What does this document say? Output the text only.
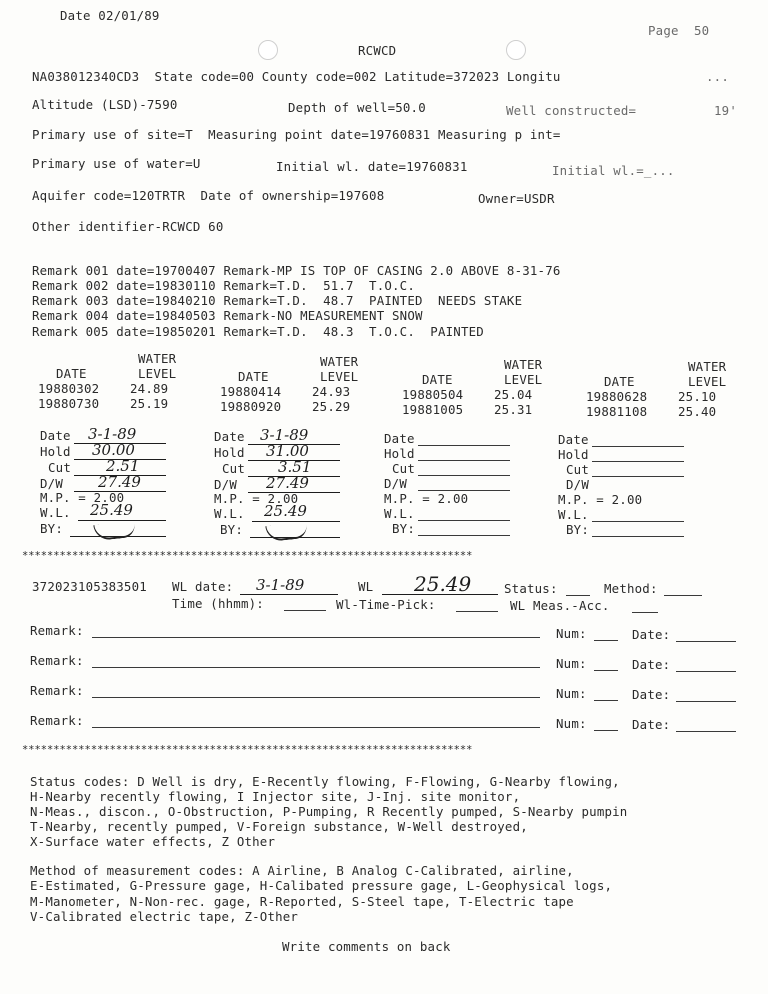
Date 02/01/89
Page  50
RCWCD
NA038012340CD3  State code=00 County code=002 Latitude=372023 Longitu	...
Altitude (LSD)-7590	Depth of well=50.0	Well constructed=	19'
Primary use of site=T  Measuring point date=19760831 Measuring p int=
Primary use of water=U	Initial wl. date=19760831	Initial wl.=_...
Aquifer code=120TRTR  Date of ownership=197608	Owner=USDR
Other identifier-RCWCD 60
Remark 001 date=19700407 Remark-MP IS TOP OF CASING 2.0 ABOVE 8-31-76
Remark 002 date=19830110 Remark=T.D.  51.7  T.O.C.
Remark 003 date=19840210 Remark=T.D.  48.7  PAINTED  NEEDS STAKE
Remark 004 date=19840503 Remark-NO MEASUREMENT SNOW
Remark 005 date=19850201 Remark=T.D.  48.3  T.O.C.  PAINTED
WATER
DATE	LEVEL
19880302 24.89
19880730 25.19
WATER
DATE	LEVEL
19880414 24.93
19880920 25.29
WATER
DATE	LEVEL
19880504 25.04
19881005 25.31
WATER
DATE	LEVEL
19880628 25.10
19881108 25.40
Date 3-1-89
Hold 30.00
Cut 2.51
D/W 27.49
M.P. = 2.00
W.L. 25.49
BY:
Date 3-1-89
Hold 31.00
Cut 3.51
D/W 27.49
M.P. = 2.00
W.L. 25.49
BY:
Date
Hold
Cut
D/W
M.P. = 2.00
W.L.
BY:
Date
Hold
Cut
D/W
M.P. = 2.00
W.L.
BY:
************************************************************************
372023105383501 WL date: 3-1-89	WL 25.49	Status:	Method:
Time (hhmm):	Wl-Time-Pick:	WL Meas.-Acc.
Remark:	Num:	Date:
Remark:	Num:	Date:
Remark:	Num:	Date:
Remark:	Num:	Date:
************************************************************************
Status codes: D Well is dry, E-Recently flowing, F-Flowing, G-Nearby flowing,
H-Nearby recently flowing, I Injector site, J-Inj. site monitor,
N-Meas., discon., O-Obstruction, P-Pumping, R Recently pumped, S-Nearby pumpin
T-Nearby, recently pumped, V-Foreign substance, W-Well destroyed,
X-Surface water effects, Z Other
Method of measurement codes: A Airline, B Analog C-Calibrated, airline,
E-Estimated, G-Pressure gage, H-Calibated pressure gage, L-Geophysical logs,
M-Manometer, N-Non-rec. gage, R-Reported, S-Steel tape, T-Electric tape
V-Calibrated electric tape, Z-Other
Write comments on back
